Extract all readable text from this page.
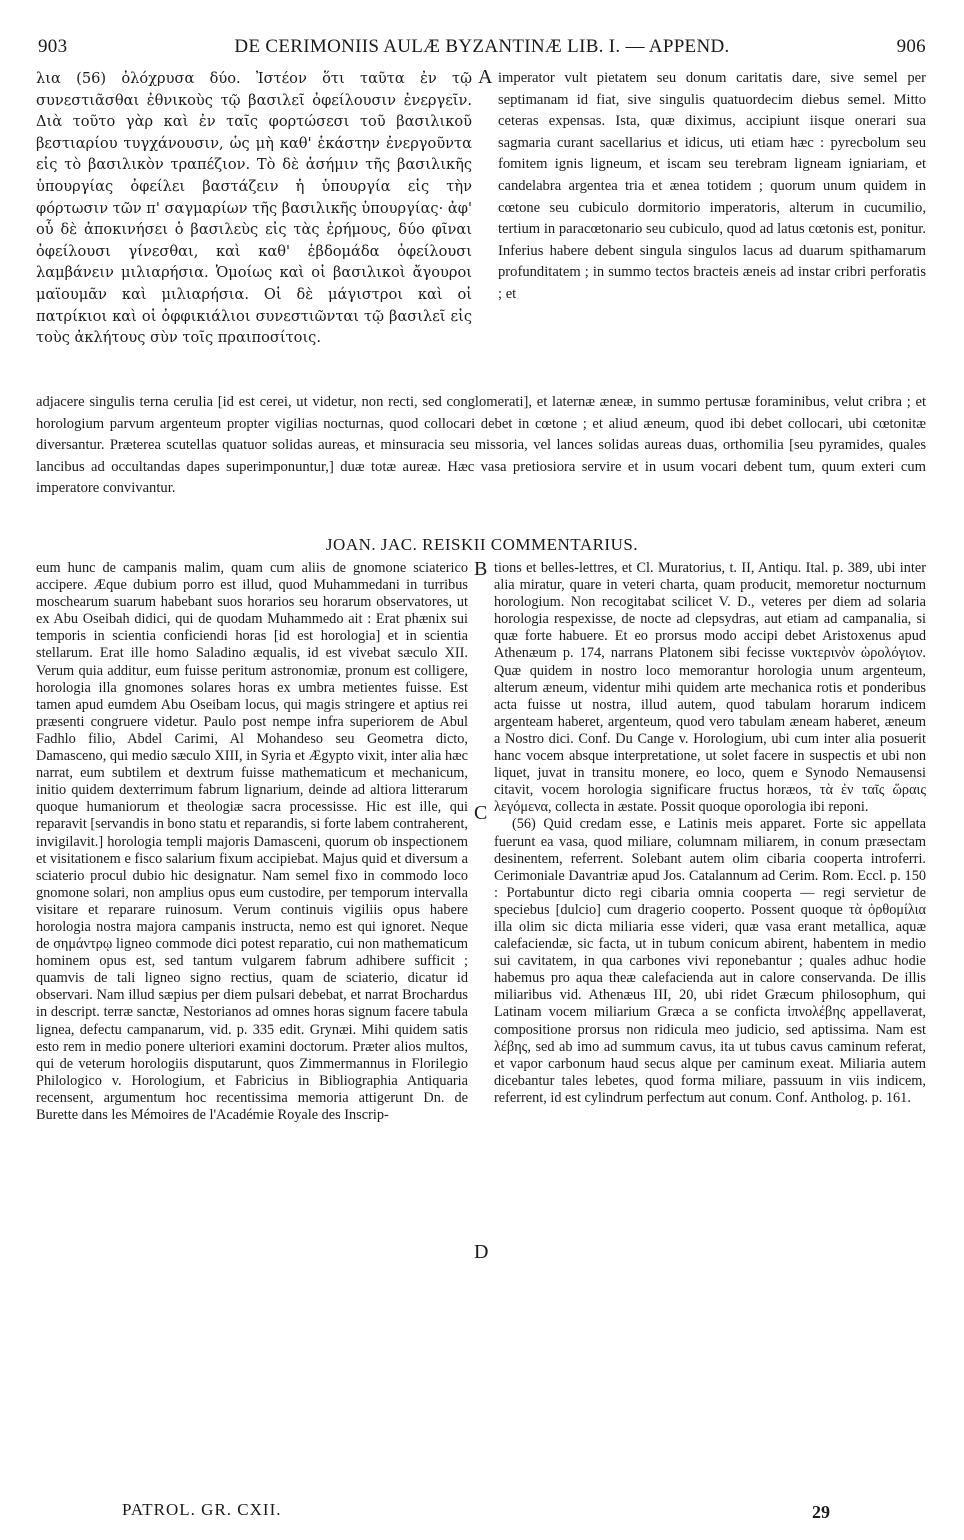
903	DE CERIMONIIS AULÆ BYZANTINÆ LIB. I. — APPEND.	906

λια (56) ὀλόχρυσα δύο. Ἰστέον ὅτι ταῦτα ἐν τῷ συνεστιᾶσθαι ἐθνικοὺς τῷ βασιλεῖ ὀφείλουσιν ἐνεργεῖν. Διὰ τοῦτο γὰρ καὶ ἐν ταῖς φορτώσεσι τοῦ βασιλικοῦ βεστιαρίου τυγχάνουσιν, ὡς μὴ καθ' ἑκάστην ἐνεργοῦντα εἰς τὸ βασιλικὸν τραπέζιον. Τὸ δὲ ἀσήμιν τῆς βασιλικῆς ὑπουργίας ὀφείλει βαστάζειν ἡ ὑπουργία εἰς τὴν φόρτωσιν τῶν π' σαγμαρίων τῆς βασιλικῆς ὑπουργίας· ἀφ' οὗ δὲ ἀποκινήσει ὁ βασιλεὺς εἰς τὰς ἐρήμους, δύο φῖναι ὀφείλουσι γίνεσθαι, καὶ καθ' ἑβδομάδα ὀφείλουσι λαμβάνειν μιλιαρήσια. Ὁμοίως καὶ οἱ βασιλικοὶ ἄγουροι μαϊουμᾶν καὶ μιλιαρήσια. Οἱ δὲ μάγιστροι καὶ οἱ πατρίκιοι καὶ οἱ ὀφφικιάλιοι συνεστιῶνται τῷ βασιλεῖ εἰς τοὺς ἀκλήτους σὺν τοῖς πραιποσίτοις.

A imperator vult pietatem seu donum caritatis dare, sive semel per septimanam id fiat, sive singulis quatuordecim diebus semel. Mitto ceteras expensas. Ista, quæ diximus, accipiunt iisque onerari sua sagmaria curant sacellarius et idicus, uti etiam hæc : pyrecbolum seu fomitem ignis ligneum, et iscam seu terebram ligneam igniariam, et candelabra argentea tria et ænea totidem ; quorum unum quidem in cœtone seu cubiculo dormitorio imperatoris, alterum in cucumilio, tertium in paracœtonario seu cubiculo, quod ad latus cœtonis est, ponitur. Inferius habere debent singula singulos lacus ad duarum spithamarum profunditatem ; in summo tectos bracteis æneis ad instar cribri perforatis ; et

adjacere singulis terna cerulia [id est cerei, ut videtur, non recti, sed conglomerati], et laternæ æneæ, in summo pertusæ foraminibus, velut cribra ; et horologium parvum argenteum propter vigilias nocturnas, quod collocari debet in cœtone ; et aliud æneum, quod ibi debet collocari, ubi cœtonitæ diversantur. Præterea scutellas quatuor solidas aureas, et minsuracia seu missoria, vel lances solidas aureas duas, orthomilia [seu pyramides, quales lancibus ad occultandas dapes superimponuntur,] duæ totæ aureæ. Hæc vasa pretiosiora servire et in usum vocari debent tum, quum exteri cum imperatore convivantur.

JOAN. JAC. REISKII COMMENTARIUS.

eum hunc de campanis malim, quam cum aliis de gnomone sciaterico accipere. Æque dubium porro est illud, quod Muhammedani in turribus moschearum suarum habebant suos horarios seu horarum observatores, ut ex Abu Oseibah didici, qui de quodam Muhammedo ait : Erat phænix sui temporis in scientia conficiendi horas [id est horologia] et in scientia stellarum. Erat ille homo Saladino æqualis, id est vivebat sæculo XII. Verum quia additur, eum fuisse peritum astronomiæ, pronum est colligere, horologia illa gnomones solares horas ex umbra metientes fuisse. Est tamen apud eumdem Abu Oseibam locus, qui magis stringere et aptius rei præsenti congruere videtur. Paulo post nempe infra superiorem de Abul Fadhlo filio, Abdel Carimi, Al Mohandeso seu Geometra dicto, Damasceno, qui medio sæculo XIII, in Syria et Ægypto vixit, inter alia hæc narrat, eum subtilem et dextrum fuisse mathematicum et mechanicum, initio quidem dexterrimum fabrum lignarium, deinde ad altiora litterarum quoque humaniorum et theologiæ sacra processisse. Hic est ille, qui reparavit [servandis in bono statu et reparandis, si forte labem contraherent, invigilavit.] horologia templi majoris Damasceni, quorum ob inspectionem et visitationem e fisco salarium fixum accipiebat. Majus quid et diversum a sciaterio procul dubio hic designatur. Nam semel fixo in commodo loco gnomone solari, non amplius opus eum custodire, per temporum intervalla visitare et reparare ruinosum. Verum continuis vigiliis opus habere horologia nostra majora campanis instructa, nemo est qui ignoret. Neque de σημάντρῳ ligneo commode dici potest reparatio, cui non mathematicum hominem opus est, sed tantum vulgarem fabrum adhibere sufficit ; quamvis de tali ligneo signo rectius, quam de sciaterio, dicatur id observari. Nam illud sæpius per diem pulsari debebat, et narrat Brochardus in descript. terræ sanctæ, Nestorianos ad omnes horas signum facere tabula lignea, defectu campanarum, vid. p. 335 edit. Grynæi. Mihi quidem satis esto rem in medio ponere ulteriori examini doctorum. Præter alios multos, qui de veterum horologiis disputarunt, quos Zimmermannus in Florilegio Philologico v. Horologium, et Fabricius in Bibliographia Antiquaria recensent, argumentum hoc recentissima memoria attigerunt Dn. de Burette dans les Mémoires de l'Académie Royale des Inscrip-

B
C
D

tions et belles-lettres, et Cl. Muratorius, t. II, Antiqu. Ital. p. 389, ubi inter alia miratur, quare in veteri charta, quam producit, memoretur nocturnum horologium. Non recogitabat scilicet V. D., veteres per diem ad solaria horologia respexisse, de nocte ad clepsydras, aut etiam ad campanalia, si quæ forte habuere. Et eo prorsus modo accipi debet Aristoxenus apud Athenæum p. 174, narrans Platonem sibi fecisse νυκτερινὸν ὡρολόγιον. Quæ quidem in nostro loco memorantur horologia unum argenteum, alterum æneum, videntur mihi quidem arte mechanica rotis et ponderibus acta fuisse ut nostra, illud autem, quod tabulam horarum indicem argenteam haberet, argenteum, quod vero tabulam æneam haberet, æneum a Nostro dici. Conf. Du Cange v. Horologium, ubi cum inter alia posuerit hanc vocem absque interpretatione, ut solet facere in suspectis et ubi non liquet, juvat in transitu monere, eo loco, quem e Synodo Nemausensi citavit, vocem horologia significare fructus horæos, τὰ ἐν ταῖς ὥραις λεγόμενα, collecta in æstate. Possit quoque oporologia ibi reponi.

(56) Quid credam esse, e Latinis meis apparet. Forte sic appellata fuerunt ea vasa, quod miliare, columnam miliarem, in conum præsectam desinentem, referrent. Solebant autem olim cibaria cooperta introferri. Cerimoniale Davantriæ apud Jos. Catalannum ad Cerim. Rom. Eccl. p. 150 : Portabuntur dicto regi cibaria omnia cooperta — regi servietur de speciebus [dulcio] cum dragerio cooperto. Possent quoque τὰ ὀρθομίλια illa olim sic dicta miliaria esse videri, quæ vasa erant metallica, aquæ calefaciendæ, sic facta, ut in tubum conicum abirent, habentem in medio sui cavitatem, in qua carbones vivi reponebantur ; quales adhuc hodie habemus pro aqua theæ calefacienda aut in calore conservanda. De illis miliaribus vid. Athenæus III, 20, ubi ridet Græcum philosophum, qui Latinam vocem miliarium Græca a se conficta ἱπνολέβης appellaverat, compositione prorsus non ridicula meo judicio, sed aptissima. Nam est λέβης, sed ab imo ad summum cavus, ita ut tubus cavus caminum referat, et vapor carbonum haud secus alque per caminum exeat. Miliaria autem dicebantur tales lebetes, quod forma miliare, passuum in viis indicem, referrent, id est cylindrum perfectum aut conum. Conf. Antholog. p. 161.

PATROL. GR. CXII.	29
